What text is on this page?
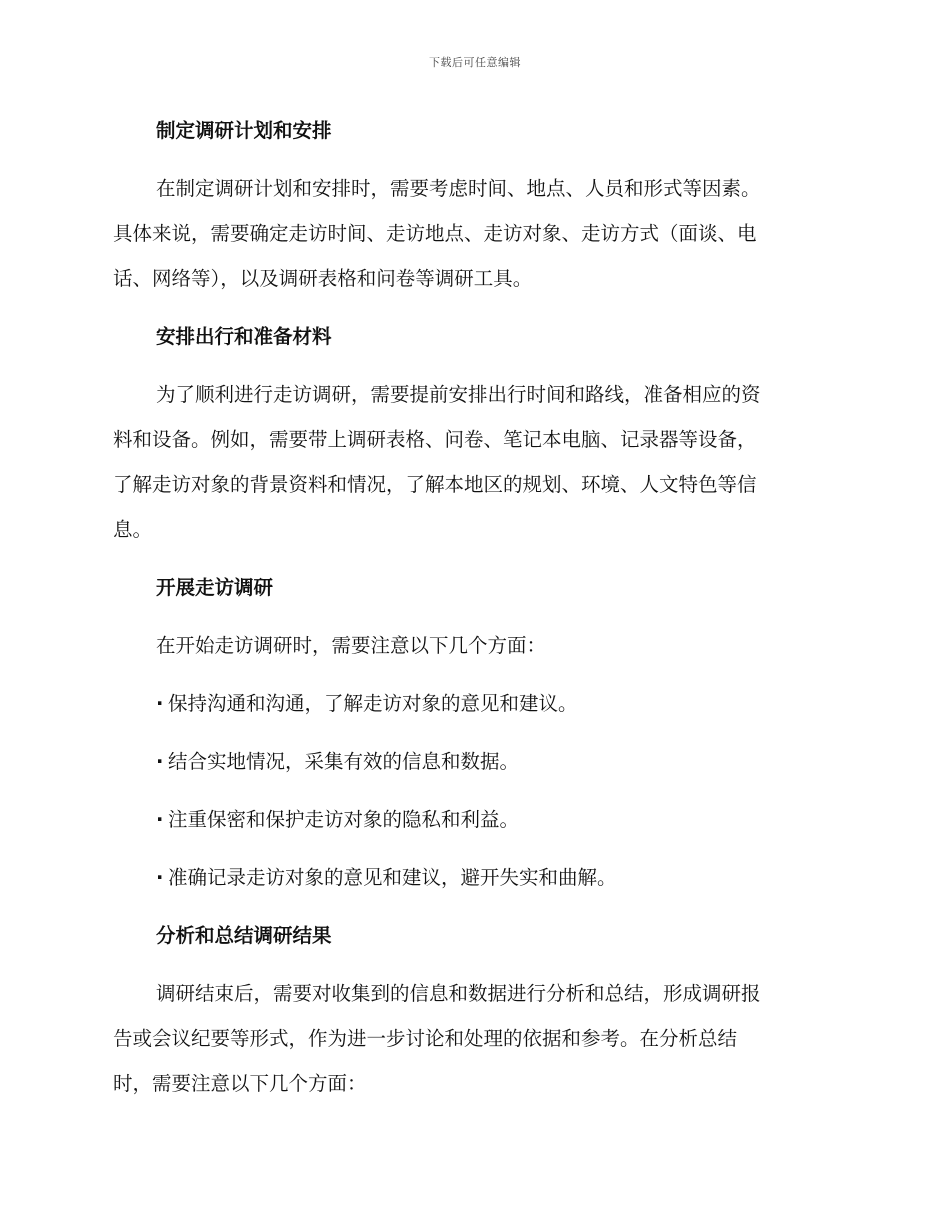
下载后可任意编辑
制定调研计划和安排
在制定调研计划和安排时，需要考虑时间、地点、人员和形式等因素。
具体来说，需要确定走访时间、走访地点、走访对象、走访方式（面谈、电
话、网络等），以及调研表格和问卷等调研工具。
安排出行和准备材料
为了顺利进行走访调研，需要提前安排出行时间和路线，准备相应的资
料和设备。例如，需要带上调研表格、问卷、笔记本电脑、记录器等设备，
了解走访对象的背景资料和情况，了解本地区的规划、环境、人文特色等信
息。
开展走访调研
在开始走访调研时，需要注意以下几个方面：
· 保持沟通和沟通，了解走访对象的意见和建议。
· 结合实地情况，采集有效的信息和数据。
· 注重保密和保护走访对象的隐私和利益。
· 准确记录走访对象的意见和建议，避开失实和曲解。
分析和总结调研结果
调研结束后，需要对收集到的信息和数据进行分析和总结，形成调研报
告或会议纪要等形式，作为进一步讨论和处理的依据和参考。在分析总结
时，需要注意以下几个方面：
